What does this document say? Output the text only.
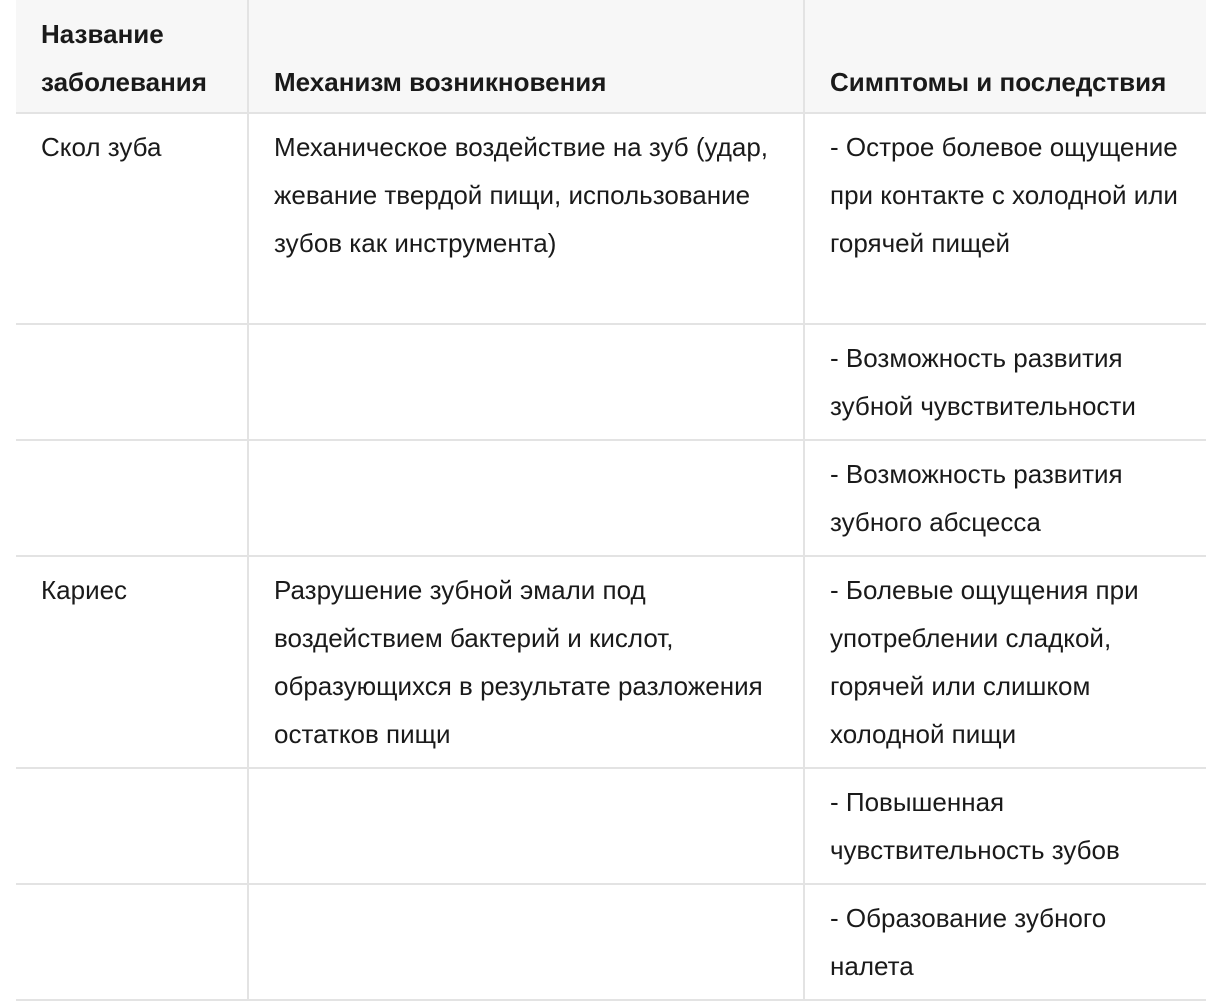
Название заболевания	Механизм возникновения	Симптомы и последствия
Скол зуба	Механическое воздействие на зуб (удар, жевание твердой пищи, использование зубов как инструмента)	- Острое болевое ощущение при контакте с холодной или горячей пищей
		- Возможность развития зубной чувствительности
		- Возможность развития зубного абсцесса
Кариес	Разрушение зубной эмали под воздействием бактерий и кислот, образующихся в результате разложения остатков пищи	- Болевые ощущения при употреблении сладкой, горячей или слишком холодной пищи
		- Повышенная чувствительность зубов
		- Образование зубного налета
